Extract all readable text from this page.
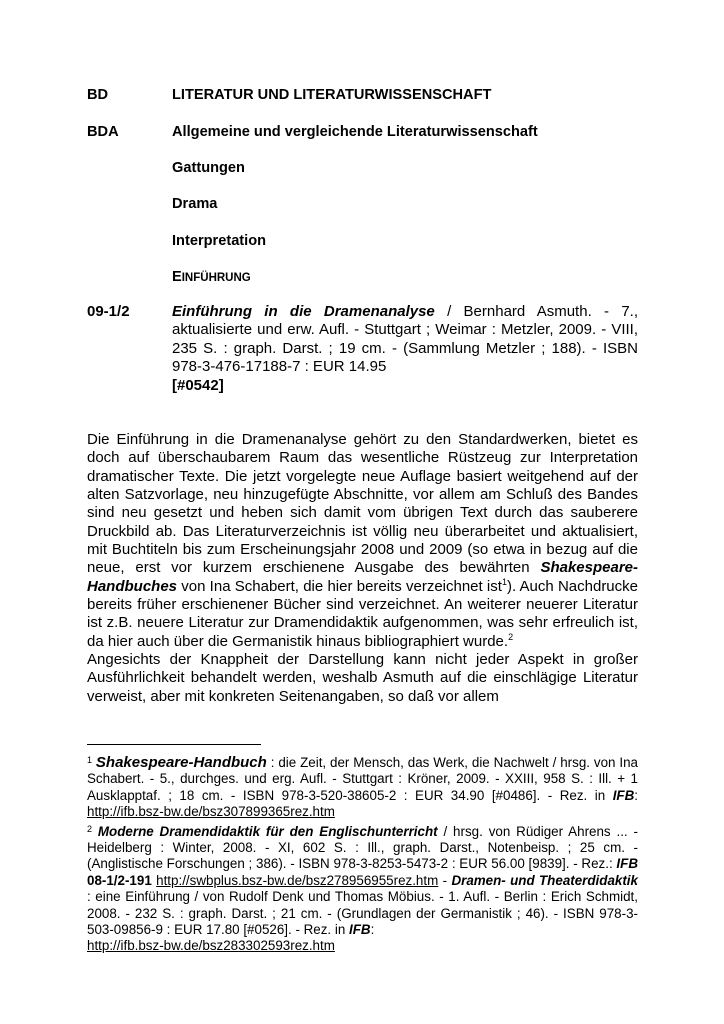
BD	LITERATUR UND LITERATURWISSENSCHAFT
BDA	Allgemeine und vergleichende Literaturwissenschaft
Gattungen
Drama
Interpretation
EINFÜHRUNG
09-1/2	Einführung in die Dramenanalyse / Bernhard Asmuth. - 7., aktualisierte und erw. Aufl. - Stuttgart ; Weimar : Metzler, 2009. - VIII, 235 S. : graph. Darst. ; 19 cm. - (Sammlung Metzler ; 188). - ISBN 978-3-476-17188-7 : EUR 14.95
[#0542]

Die Einführung in die Dramenanalyse gehört zu den Standardwerken, bietet es doch auf überschaubarem Raum das wesentliche Rüstzeug zur Interpretation dramatischer Texte. Die jetzt vorgelegte neue Auflage basiert weitgehend auf der alten Satzvorlage, neu hinzugefügte Abschnitte, vor allem am Schluß des Bandes sind neu gesetzt und heben sich damit vom übrigen Text durch das sauberere Druckbild ab. Das Literaturverzeichnis ist völlig neu überarbeitet und aktualisiert, mit Buchtiteln bis zum Erscheinungsjahr 2008 und 2009 (so etwa in bezug auf die neue, erst vor kurzem erschienene Ausgabe des bewährten Shakespeare-Handbuches von Ina Schabert, die hier bereits verzeichnet ist$^1$). Auch Nachdrucke bereits früher erschienener Bücher sind verzeichnet. An weiterer neuerer Literatur ist z.B. neuere Literatur zur Dramendidaktik aufgenommen, was sehr erfreulich ist, da hier auch über die Germanistik hinaus bibliographiert wurde.$^2$

Angesichts der Knappheit der Darstellung kann nicht jeder Aspekt in großer Ausführlichkeit behandelt werden, weshalb Asmuth auf die einschlägige Literatur verweist, aber mit konkreten Seitenangaben, so daß vor allem

$^1$ Shakespeare-Handbuch : die Zeit, der Mensch, das Werk, die Nachwelt / hrsg. von Ina Schabert. - 5., durchges. und erg. Aufl. - Stuttgart : Kröner, 2009. - XXIII, 958 S. : Ill. + 1 Ausklapptaf. ; 18 cm. - ISBN 978-3-520-38605-2 : EUR 34.90 [#0486]. - Rez. in IFB: http://ifb.bsz-bw.de/bsz307899365rez.htm

$^2$ Moderne Dramendidaktik für den Englischunterricht / hrsg. von Rüdiger Ahrens ... - Heidelberg : Winter, 2008. - XI, 602 S. : Ill., graph. Darst., Notenbeisp. ; 25 cm. - (Anglistische Forschungen ; 386). - ISBN 978-3-8253-5473-2 : EUR 56.00 [9839]. - Rez.: IFB 08-1/2-191 http://swbplus.bsz-bw.de/bsz278956955rez.htm - Dramen- und Theaterdidaktik : eine Einführung / von Rudolf Denk und Thomas Möbius. - 1. Aufl. - Berlin : Erich Schmidt, 2008. - 232 S. : graph. Darst. ; 21 cm. - (Grundlagen der Germanistik ; 46). - ISBN 978-3-503-09856-9 : EUR 17.80 [#0526]. - Rez. in IFB:
http://ifb.bsz-bw.de/bsz283302593rez.htm
